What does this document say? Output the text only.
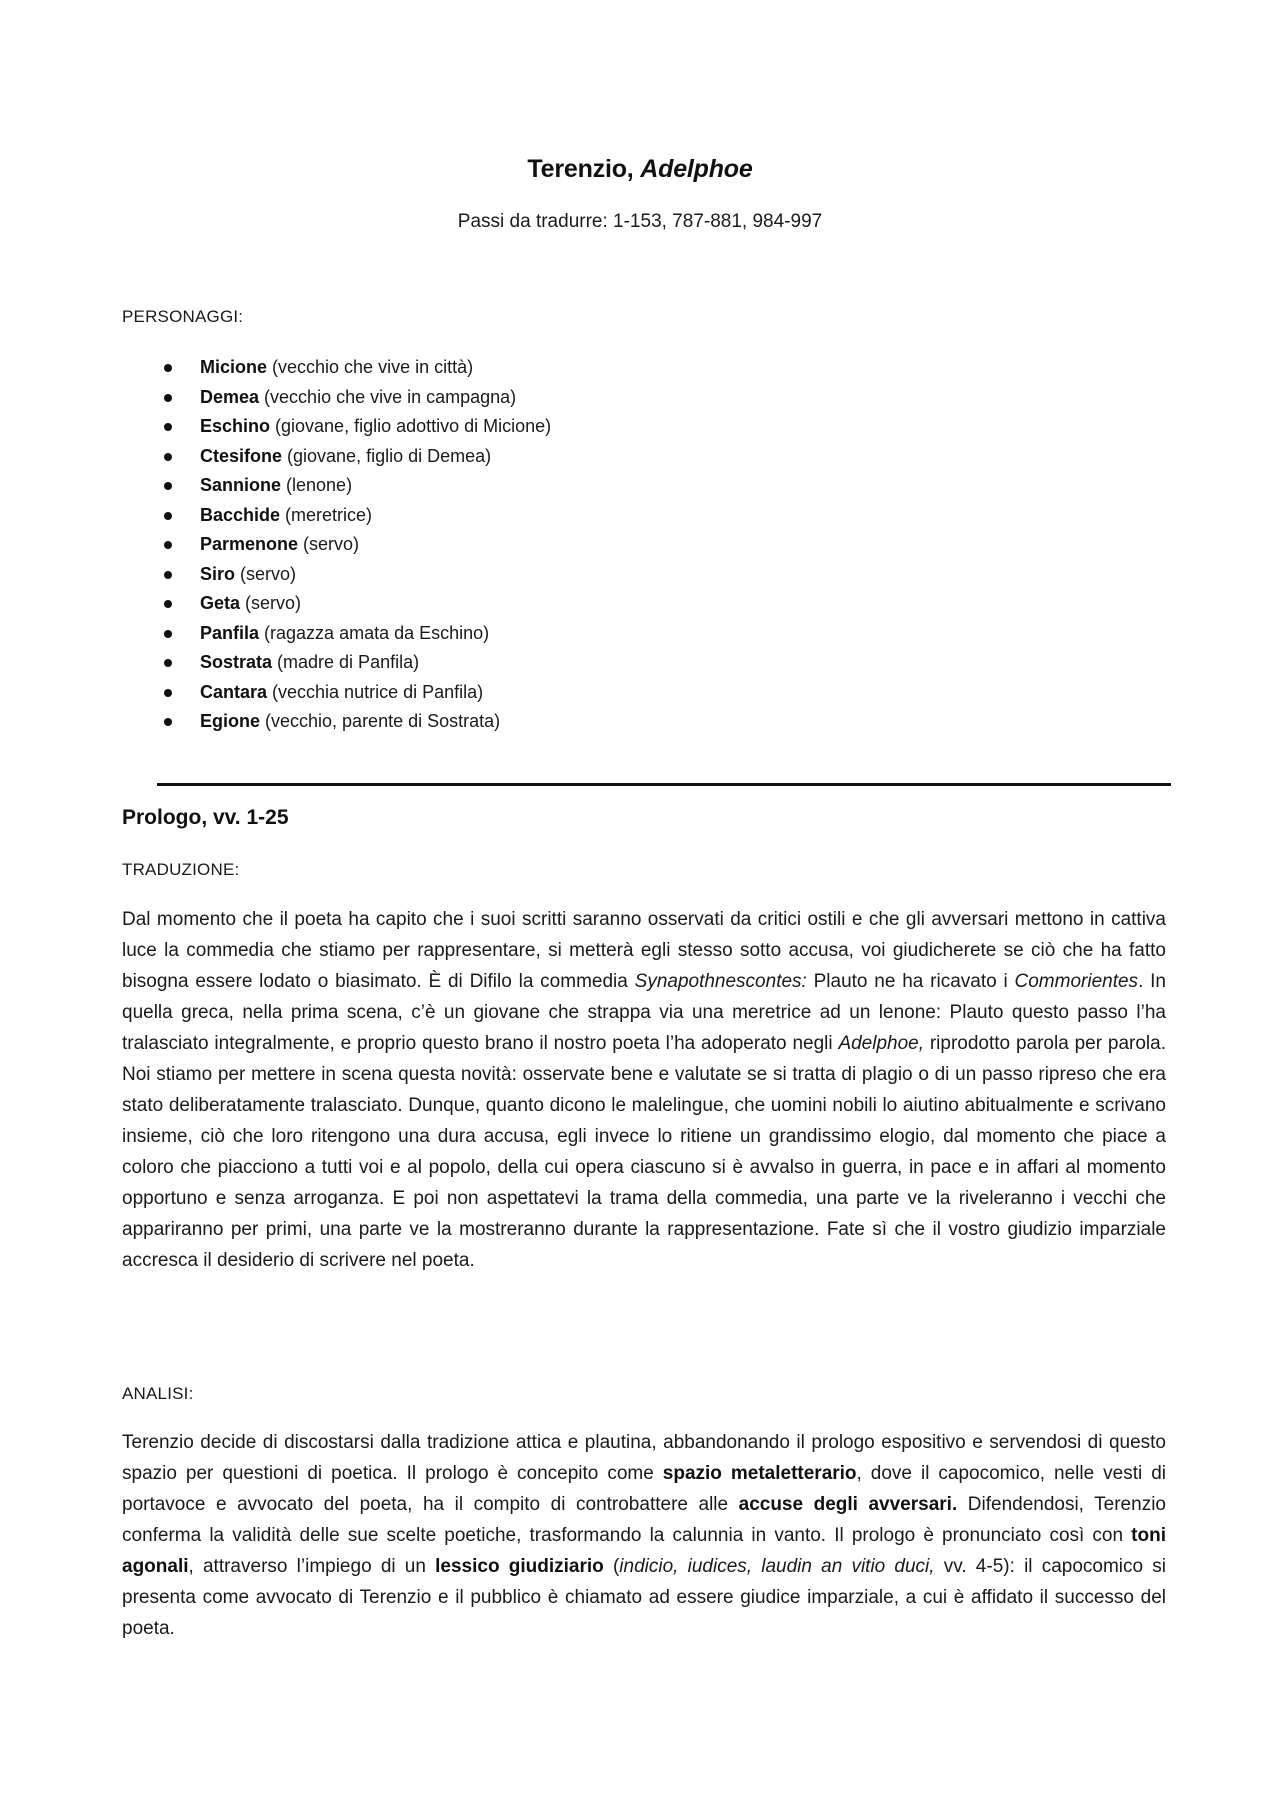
Terenzio, Adelphoe
Passi da tradurre: 1-153, 787-881, 984-997
PERSONAGGI:
Micione (vecchio che vive in città)
Demea (vecchio che vive in campagna)
Eschino (giovane, figlio adottivo di Micione)
Ctesifone (giovane, figlio di Demea)
Sannione (lenone)
Bacchide (meretrice)
Parmenone (servo)
Siro (servo)
Geta (servo)
Panfila (ragazza amata da Eschino)
Sostrata (madre di Panfila)
Cantara (vecchia nutrice di Panfila)
Egione (vecchio, parente di Sostrata)
Prologo, vv. 1-25
TRADUZIONE:

Dal momento che il poeta ha capito che i suoi scritti saranno osservati da critici ostili e che gli avversari mettono in cattiva luce la commedia che stiamo per rappresentare, si metterà egli stesso sotto accusa, voi giudicherete se ciò che ha fatto bisogna essere lodato o biasimato. È di Difilo la commedia Synapothnescontes: Plauto ne ha ricavato i Commorientes. In quella greca, nella prima scena, c’è un giovane che strappa via una meretrice ad un lenone: Plauto questo passo l’ha tralasciato integralmente, e proprio questo brano il nostro poeta l’ha adoperato negli Adelphoe, riprodotto parola per parola. Noi stiamo per mettere in scena questa novità: osservate bene e valutate se si tratta di plagio o di un passo ripreso che era stato deliberatamente tralasciato. Dunque, quanto dicono le malelingue, che uomini nobili lo aiutino abitualmente e scrivano insieme, ciò che loro ritengono una dura accusa, egli invece lo ritiene un grandissimo elogio, dal momento che piace a coloro che piacciono a tutti voi e al popolo, della cui opera ciascuno si è avvalso in guerra, in pace e in affari al momento opportuno e senza arroganza. E poi non aspettatevi la trama della commedia, una parte ve la riveleranno i vecchi che appariranno per primi, una parte ve la mostreranno durante la rappresentazione. Fate sì che il vostro giudizio imparziale accresca il desiderio di scrivere nel poeta.

ANALISI:

Terenzio decide di discostarsi dalla tradizione attica e plautina, abbandonando il prologo espositivo e servendosi di questo spazio per questioni di poetica. Il prologo è concepito come spazio metaletterario, dove il capocomico, nelle vesti di portavoce e avvocato del poeta, ha il compito di controbattere alle accuse degli avversari. Difendendosi, Terenzio conferma la validità delle sue scelte poetiche, trasformando la calunnia in vanto. Il prologo è pronunciato così con toni agonali, attraverso l’impiego di un lessico giudiziario (indicio, iudices, laudin an vitio duci, vv. 4-5): il capocomico si presenta come avvocato di Terenzio e il pubblico è chiamato ad essere giudice imparziale, a cui è affidato il successo del poeta.
